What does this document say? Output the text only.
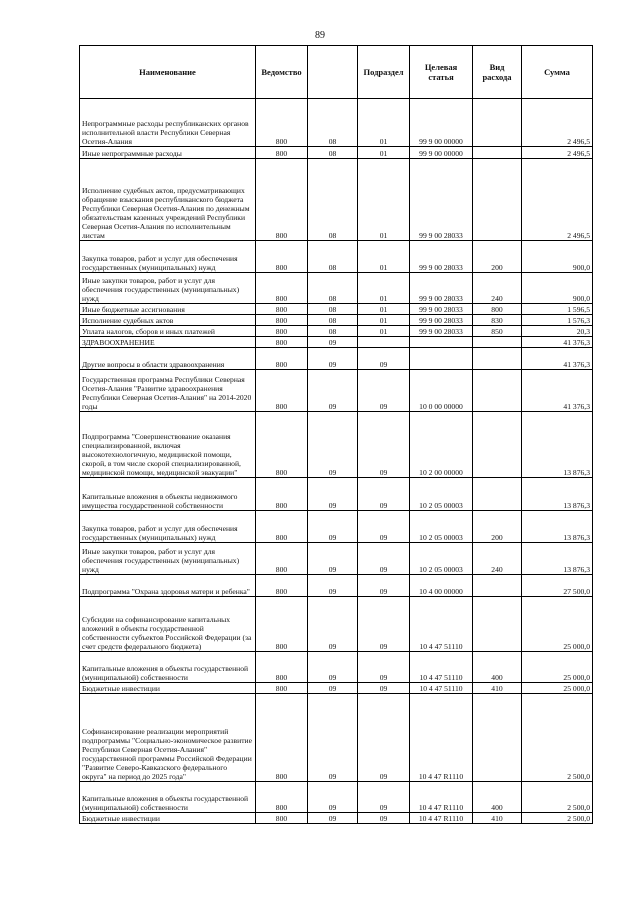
89
Наименование	Ведомство		Подраздел	Целевая статья	Вид расхода	Сумма
Непрограммные расходы республиканских органов исполнительной власти Республики Северная Осетия-Алания	800	08	01	99 9 00 00000		2 496,5
Иные непрограммные расходы	800	08	01	99 9 00 00000		2 496,5
Исполнение судебных актов, предусматривающих обращение взыскания республиканского бюджета Республики Северная Осетия-Алания по денежным обязательствам казенных учреждений Республики Северная Осетия-Алания по исполнительным листам	800	08	01	99 9 00 28033		2 496,5
Закупка товаров, работ и услуг для обеспечения государственных (муниципальных) нужд	800	08	01	99 9 00 28033	200	900,0
Иные закупки товаров, работ и услуг для обеспечения государственных (муниципальных) нужд	800	08	01	99 9 00 28033	240	900,0
Иные бюджетные ассигнования	800	08	01	99 9 00 28033	800	1 596,5
Исполнение судебных актов	800	08	01	99 9 00 28033	830	1 576,3
Уплата налогов, сборов и иных платежей	800	08	01	99 9 00 28033	850	20,3
ЗДРАВООХРАНЕНИЕ	800	09				41 376,3
Другие вопросы в области здравоохранения	800	09	09			41 376,3
Государственная программа Республики Северная Осетия-Алания "Развитие здравоохранения Республики Северная Осетия-Алания" на 2014-2020 годы	800	09	09	10 0 00 00000		41 376,3
Подпрограмма "Совершенствование оказания специализированной, включая высокотехнологичную, медицинской помощи, скорой, в том числе скорой специализированной, медицинской помощи, медицинской эвакуации"	800	09	09	10 2 00 00000		13 876,3
Капитальные вложения в объекты недвижимого имущества государственной собственности	800	09	09	10 2 05 00003		13 876,3
Закупка товаров, работ и услуг для обеспечения государственных (муниципальных) нужд	800	09	09	10 2 05 00003	200	13 876,3
Иные закупки товаров, работ и услуг для обеспечения государственных (муниципальных) нужд	800	09	09	10 2 05 00003	240	13 876,3
Подпрограмма "Охрана здоровья матери и ребенка"	800	09	09	10 4 00 00000		27 500,0
Субсидии на софинансирование капитальных вложений в объекты государственной собственности субъектов Российской Федерации (за счет средств федерального бюджета)	800	09	09	10 4 47 51110		25 000,0
Капитальные вложения в объекты государственной (муниципальной) собственности	800	09	09	10 4 47 51110	400	25 000,0
Бюджетные инвестиции	800	09	09	10 4 47 51110	410	25 000,0
Софинансирование реализации мероприятий подпрограммы "Социально-экономическое развитие Республики Северная Осетия-Алания" государственной программы Российской Федерации "Развитие Северо-Кавказского федерального округа" на период до 2025 года"	800	09	09	10 4 47 R1110		2 500,0
Капитальные вложения в объекты государственной (муниципальной) собственности	800	09	09	10 4 47 R1110	400	2 500,0
Бюджетные инвестиции	800	09	09	10 4 47 R1110	410	2 500,0
